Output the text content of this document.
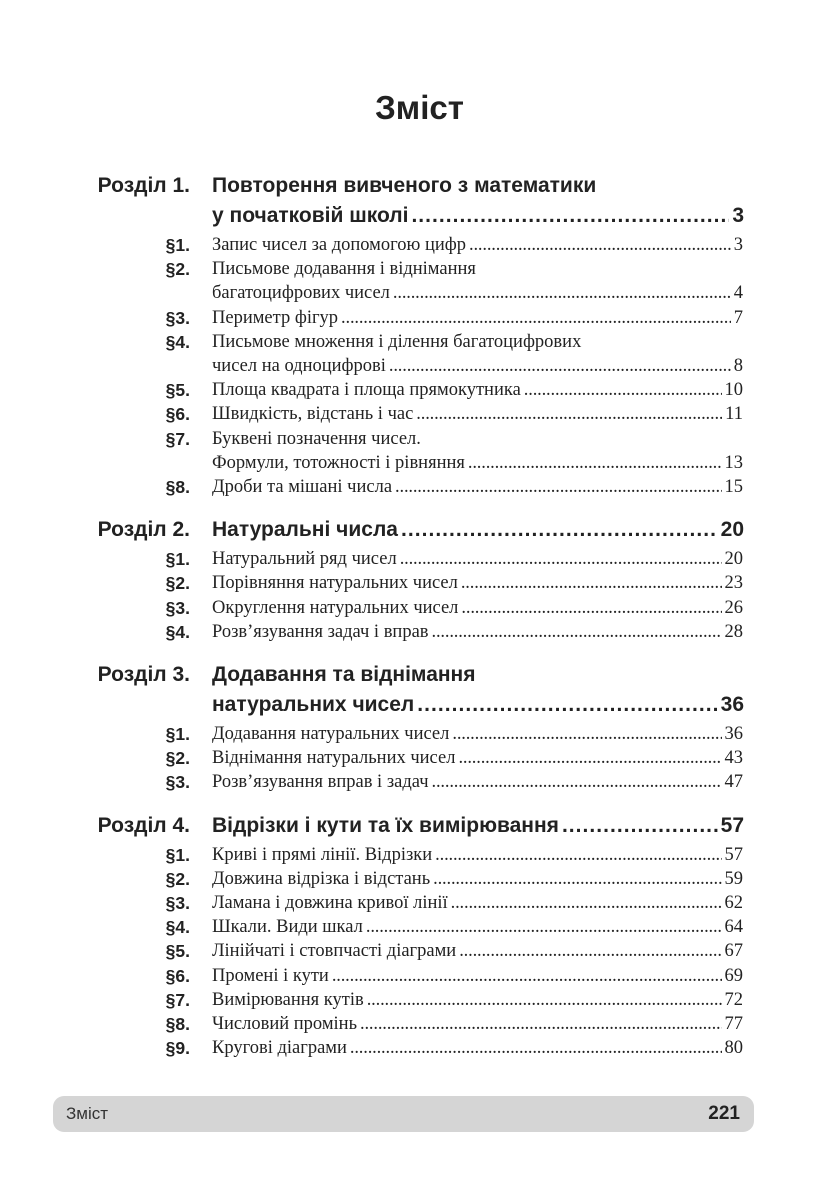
Зміст
Розділ 1. Повторення вивченого з математики
у початковій школі . . .	3
§1. Запис чисел за допомогою цифр . . .	3
§2. Письмове додавання і віднімання
багатоцифрових чисел . . .	4
§3. Периметр фігур . . .	7
§4. Письмове множення і ділення багатоцифрових
чисел на одноцифрові . . .	8
§5. Площа квадрата і площа прямокутника . . .	10
§6. Швидкість, відстань і час . . .	11
§7. Буквені позначення чисел.
Формули, тотожності і рівняння . . .	13
§8. Дроби та мішані числа . . .	15
Розділ 2. Натуральні числа . . .	20
§1. Натуральний ряд чисел . . .	20
§2. Порівняння натуральних чисел . . .	23
§3. Округлення натуральних чисел . . .	26
§4. Розв’язування задач і вправ . . .	28
Розділ 3. Додавання та віднімання
натуральних чисел . . .	36
§1. Додавання натуральних чисел . . .	36
§2. Віднімання натуральних чисел . . .	43
§3. Розв’язування вправ і задач . . .	47
Розділ 4. Відрізки і кути та їх вимірювання . . .	57
§1. Криві і прямі лінії. Відрізки . . .	57
§2. Довжина відрізка і відстань . . .	59
§3. Ламана і довжина кривої лінії . . .	62
§4. Шкали. Види шкал . . .	64
§5. Лінійчаті і стовпчасті діаграми . . .	67
§6. Промені і кути . . .	69
§7. Вимірювання кутів . . .	72
§8. Числовий промінь . . .	77
§9. Кругові діаграми . . .	80
Зміст	221
